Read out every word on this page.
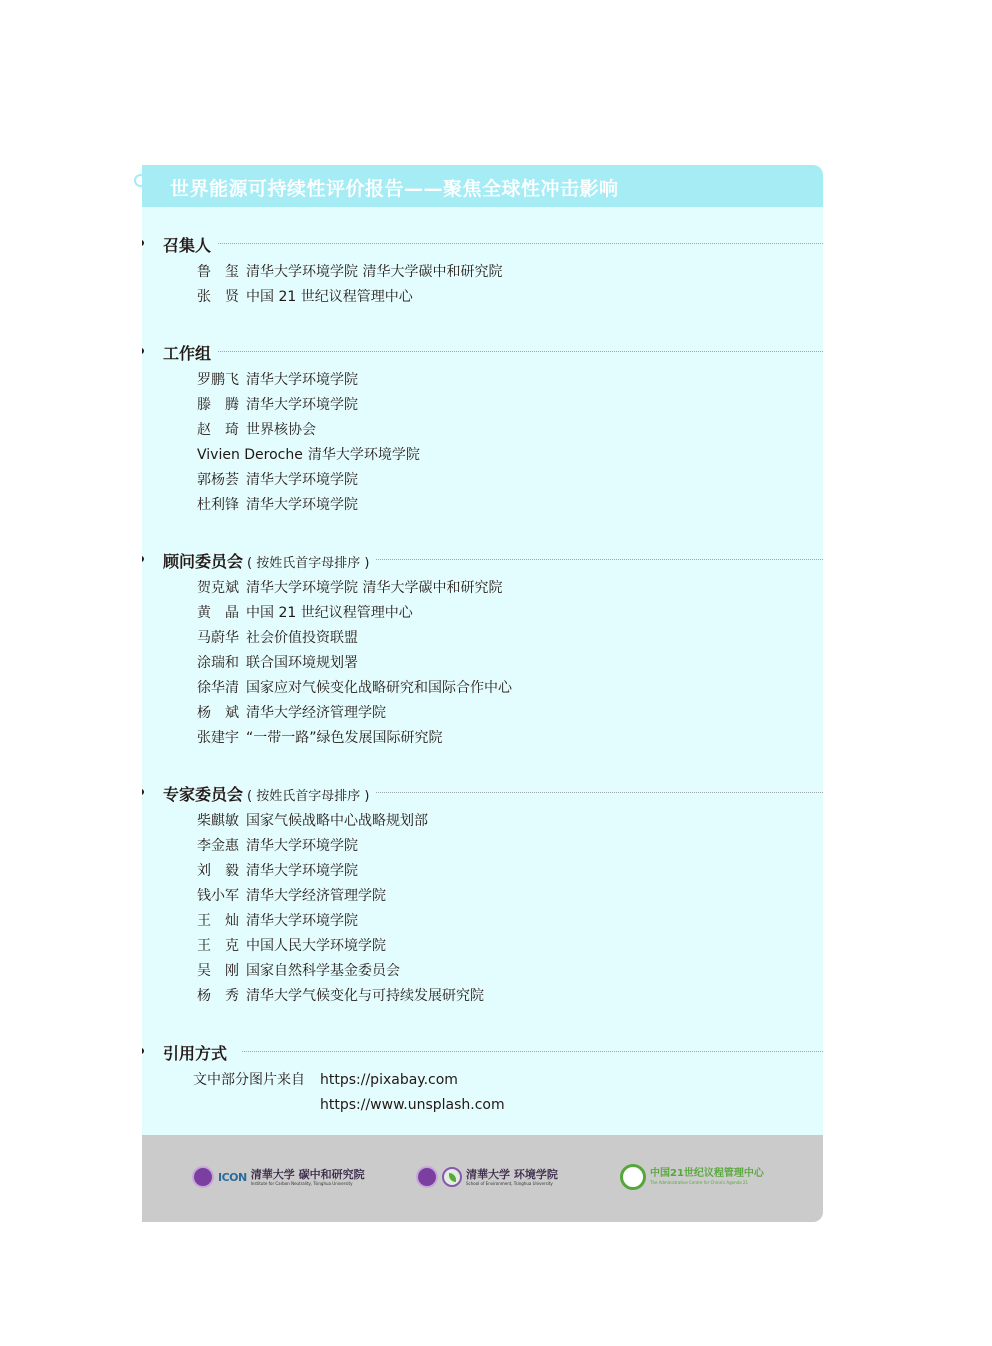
世界能源可持续性评价报告——聚焦全球性冲击影响
召集人
鲁　玺 清华大学环境学院 清华大学碳中和研究院
张　贤 中国 21 世纪议程管理中心
工作组
罗鹏飞 清华大学环境学院
滕　腾 清华大学环境学院
赵　琦 世界核协会
Vivien Deroche 清华大学环境学院
郭杨荟 清华大学环境学院
杜利锋 清华大学环境学院
顾问委员会 ( 按姓氏首字母排序 )
贺克斌 清华大学环境学院 清华大学碳中和研究院
黄　晶 中国 21 世纪议程管理中心
马蔚华 社会价值投资联盟
涂瑞和 联合国环境规划署
徐华清 国家应对气候变化战略研究和国际合作中心
杨　斌 清华大学经济管理学院
张建宇 “一带一路”绿色发展国际研究院
专家委员会 ( 按姓氏首字母排序 )
柴麒敏 国家气候战略中心战略规划部
李金惠 清华大学环境学院
刘　毅 清华大学环境学院
钱小军 清华大学经济管理学院
王　灿 清华大学环境学院
王　克 中国人民大学环境学院
吴　刚 国家自然科学基金委员会
杨　秀 清华大学气候变化与可持续发展研究院
引用方式
文中部分图片来自 https://pixabay.com
https://www.unsplash.com
ICON 清華大学 碳中和研究院
Institute for Carbon Neutrality, Tsinghua University
清華大学 环境学院
School of Environment, Tsinghua University
中国21世纪议程管理中心
The Administrative Centre for China's Agenda 21
